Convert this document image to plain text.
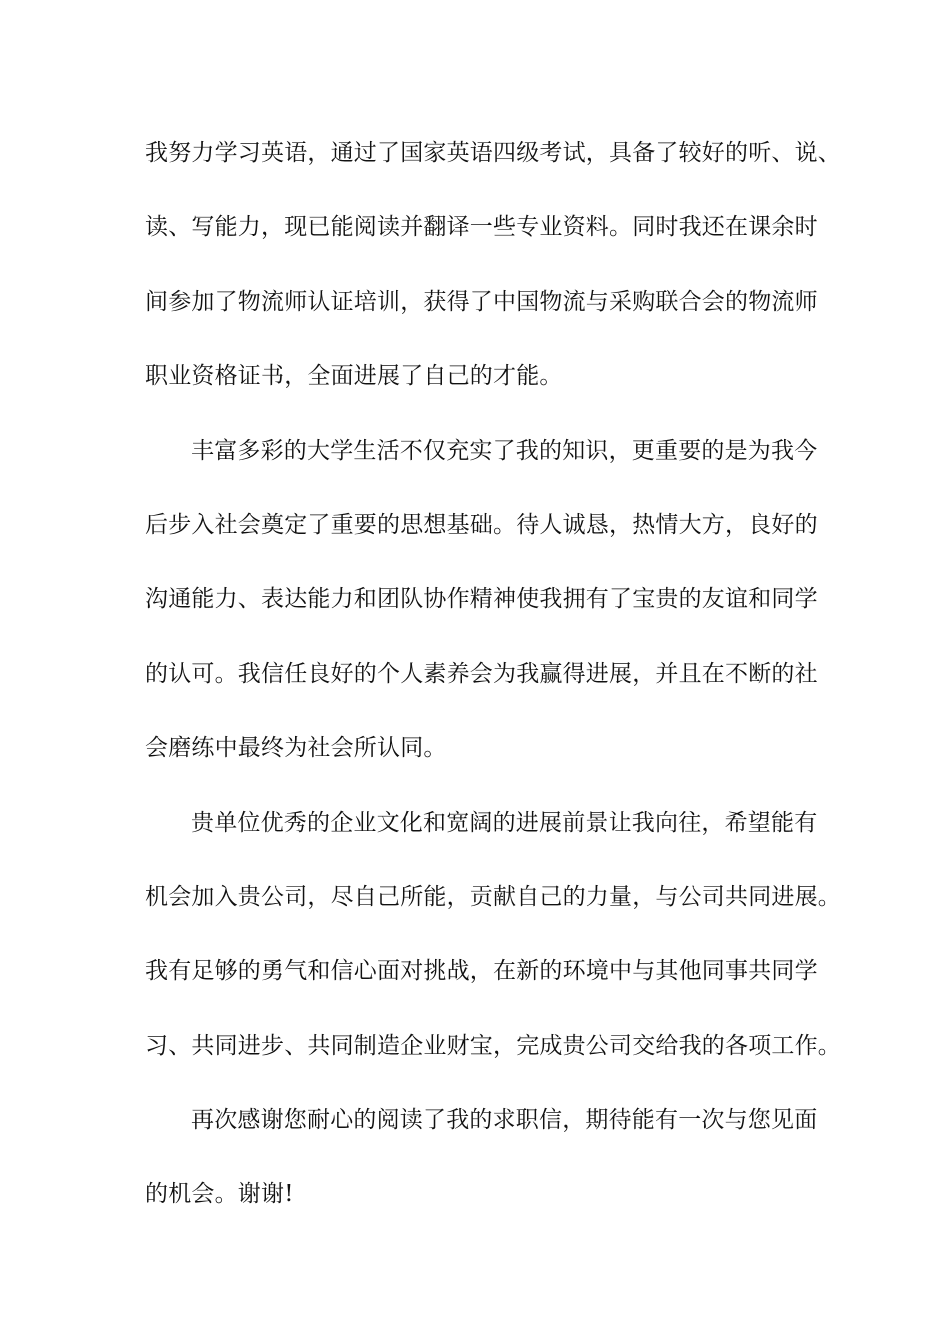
我努力学习英语，通过了国家英语四级考试，具备了较好的听、说、
读、写能力，现已能阅读并翻译一些专业资料。同时我还在课余时
间参加了物流师认证培训，获得了中国物流与采购联合会的物流师
职业资格证书，全面进展了自己的才能。
丰富多彩的大学生活不仅充实了我的知识，更重要的是为我今
后步入社会奠定了重要的思想基础。待人诚恳，热情大方，良好的
沟通能力、表达能力和团队协作精神使我拥有了宝贵的友谊和同学
的认可。我信任良好的个人素养会为我赢得进展，并且在不断的社
会磨练中最终为社会所认同。
贵单位优秀的企业文化和宽阔的进展前景让我向往，希望能有
机会加入贵公司，尽自己所能，贡献自己的力量，与公司共同进展。
我有足够的勇气和信心面对挑战，在新的环境中与其他同事共同学
习、共同进步、共同制造企业财宝，完成贵公司交给我的各项工作。
再次感谢您耐心的阅读了我的求职信，期待能有一次与您见面
的机会。谢谢!
